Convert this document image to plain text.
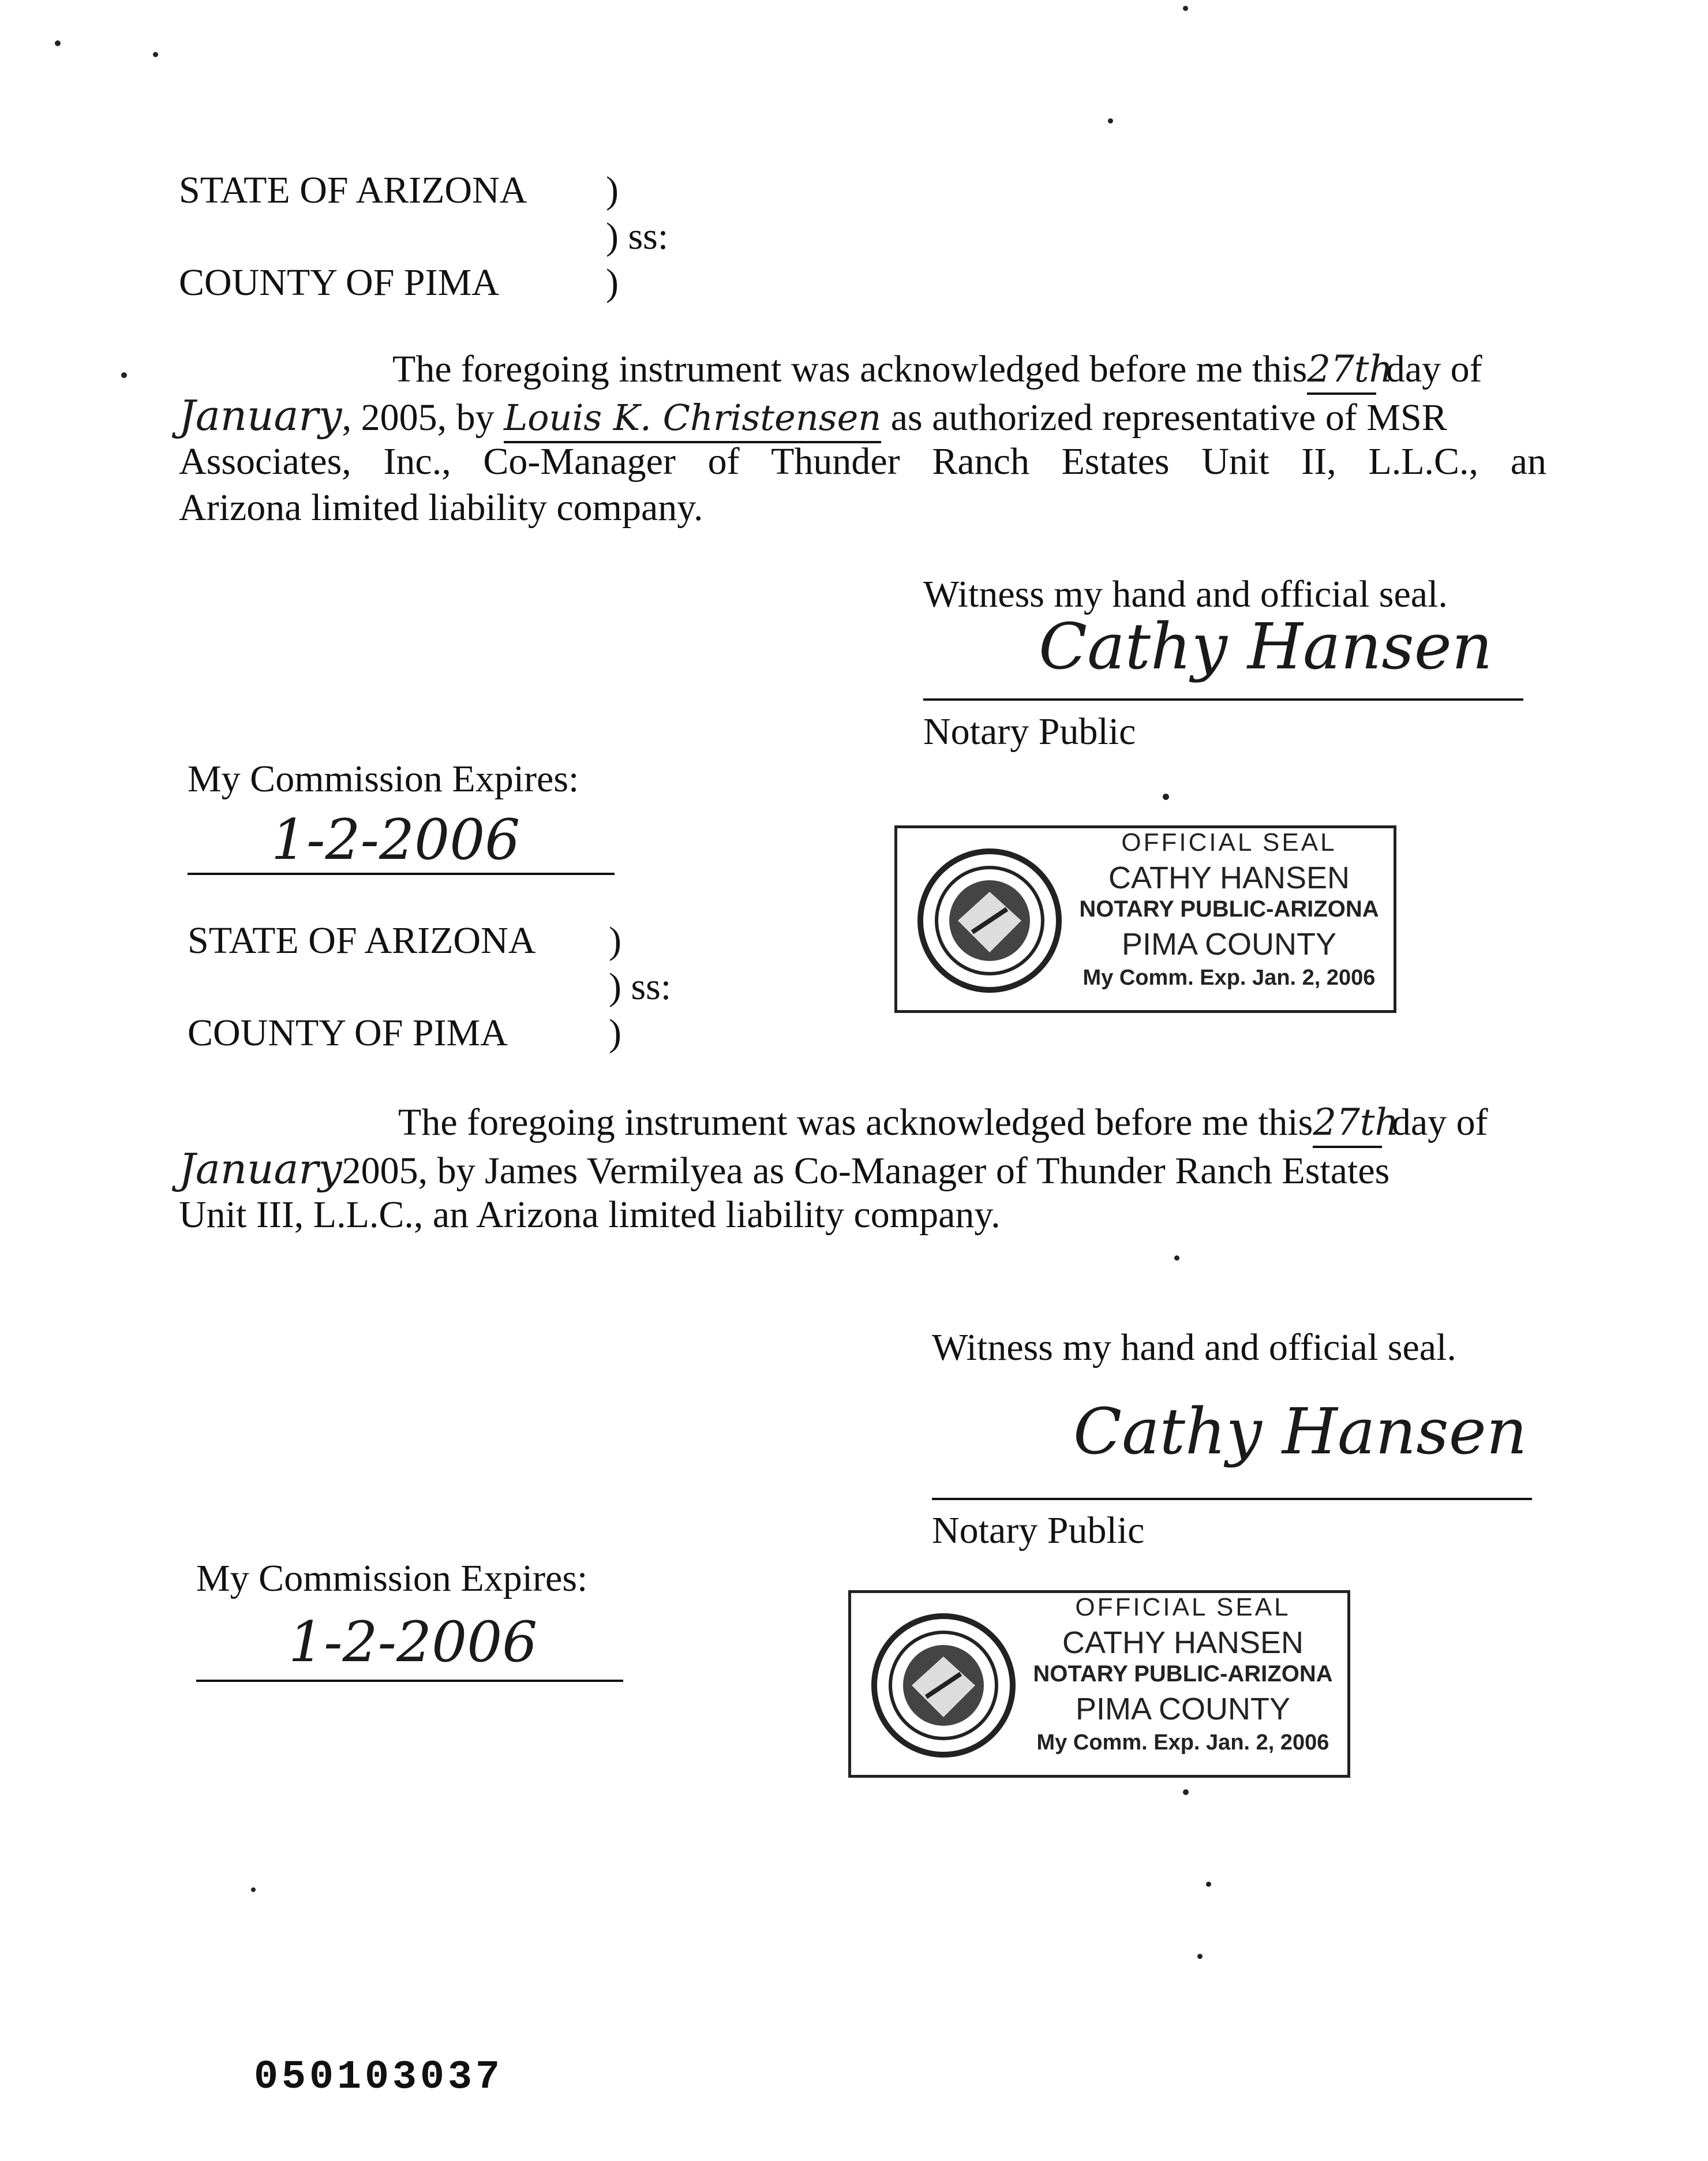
STATE OF ARIZONA )
) ss:
COUNTY OF PIMA	)
The foregoing instrument was acknowledged before me this27th day of
January, 2005, by Louis K. Christensen as authorized representative of MSR
Associates, Inc., Co-Manager of Thunder Ranch Estates Unit II, L.L.C., an
Arizona limited liability company.
Witness my hand and official seal.
Cathy Hansen
Notary Public
My Commission Expires:
1-2-2006	OFFICIAL SEAL
CATHY HANSEN
NOTARY PUBLIC-ARIZONA
PIMA COUNTY
My Comm. Exp. Jan. 2, 2006
STATE OF ARIZONA )
) ss:
COUNTY OF PIMA	)
The foregoing instrument was acknowledged before me this27th day of
January2005, by James Vermilyea as Co-Manager of Thunder Ranch Estates
Unit III, L.L.C., an Arizona limited liability company.
Witness my hand and official seal.
Cathy Hansen
Notary Public
My Commission Expires:
1-2-2006
OFFICIAL SEAL
CATHY HANSEN
NOTARY PUBLIC-ARIZONA
PIMA COUNTY
My Comm. Exp. Jan. 2, 2006
050103037
